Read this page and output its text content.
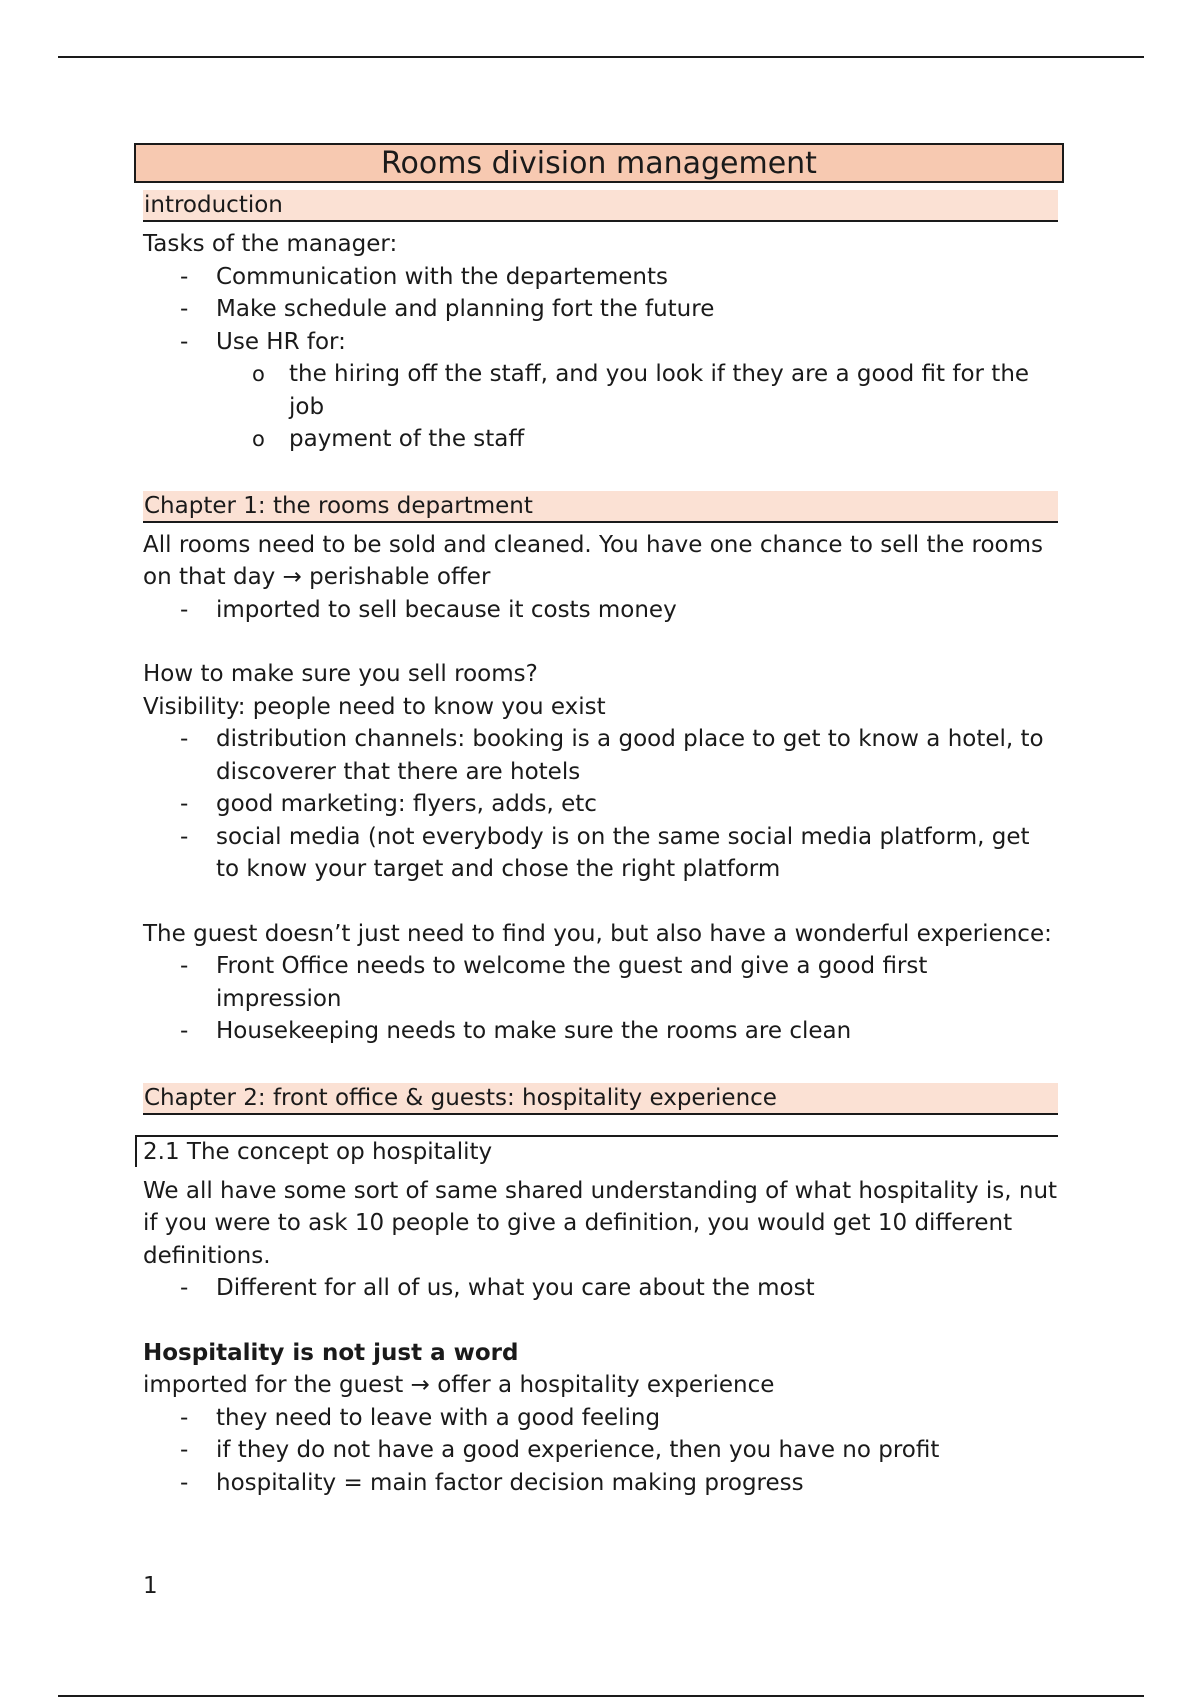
Rooms division management
introduction

Tasks of the manager:

- Communication with the departements
- Make schedule and planning fort the future
- Use HR for:
o the hiring off the staff, and you look if they are a good fit for the job
o payment of the staff
Chapter 1: the rooms department

All rooms need to be sold and cleaned. You have one chance to sell the rooms on that day → perishable offer

- imported to sell because it costs money

How to make sure you sell rooms?

Visibility: people need to know you exist

- distribution channels: booking is a good place to get to know a hotel, to discoverer that there are hotels
- good marketing: flyers, adds, etc
- social media (not everybody is on the same social media platform, get to know your target and chose the right platform

The guest doesn’t just need to find you, but also have a wonderful experience:

- Front Office needs to welcome the guest and give a good first impression
- Housekeeping needs to make sure the rooms are clean
Chapter 2: front office & guests: hospitality experience
2.1 The concept op hospitality

We all have some sort of same shared understanding of what hospitality is, nut if you were to ask 10 people to give a definition, you would get 10 different definitions.

- Different for all of us, what you care about the most

Hospitality is not just a word

imported for the guest → offer a hospitality experience

- they need to leave with a good feeling
- if they do not have a good experience, then you have no profit
- hospitality = main factor decision making progress
1
